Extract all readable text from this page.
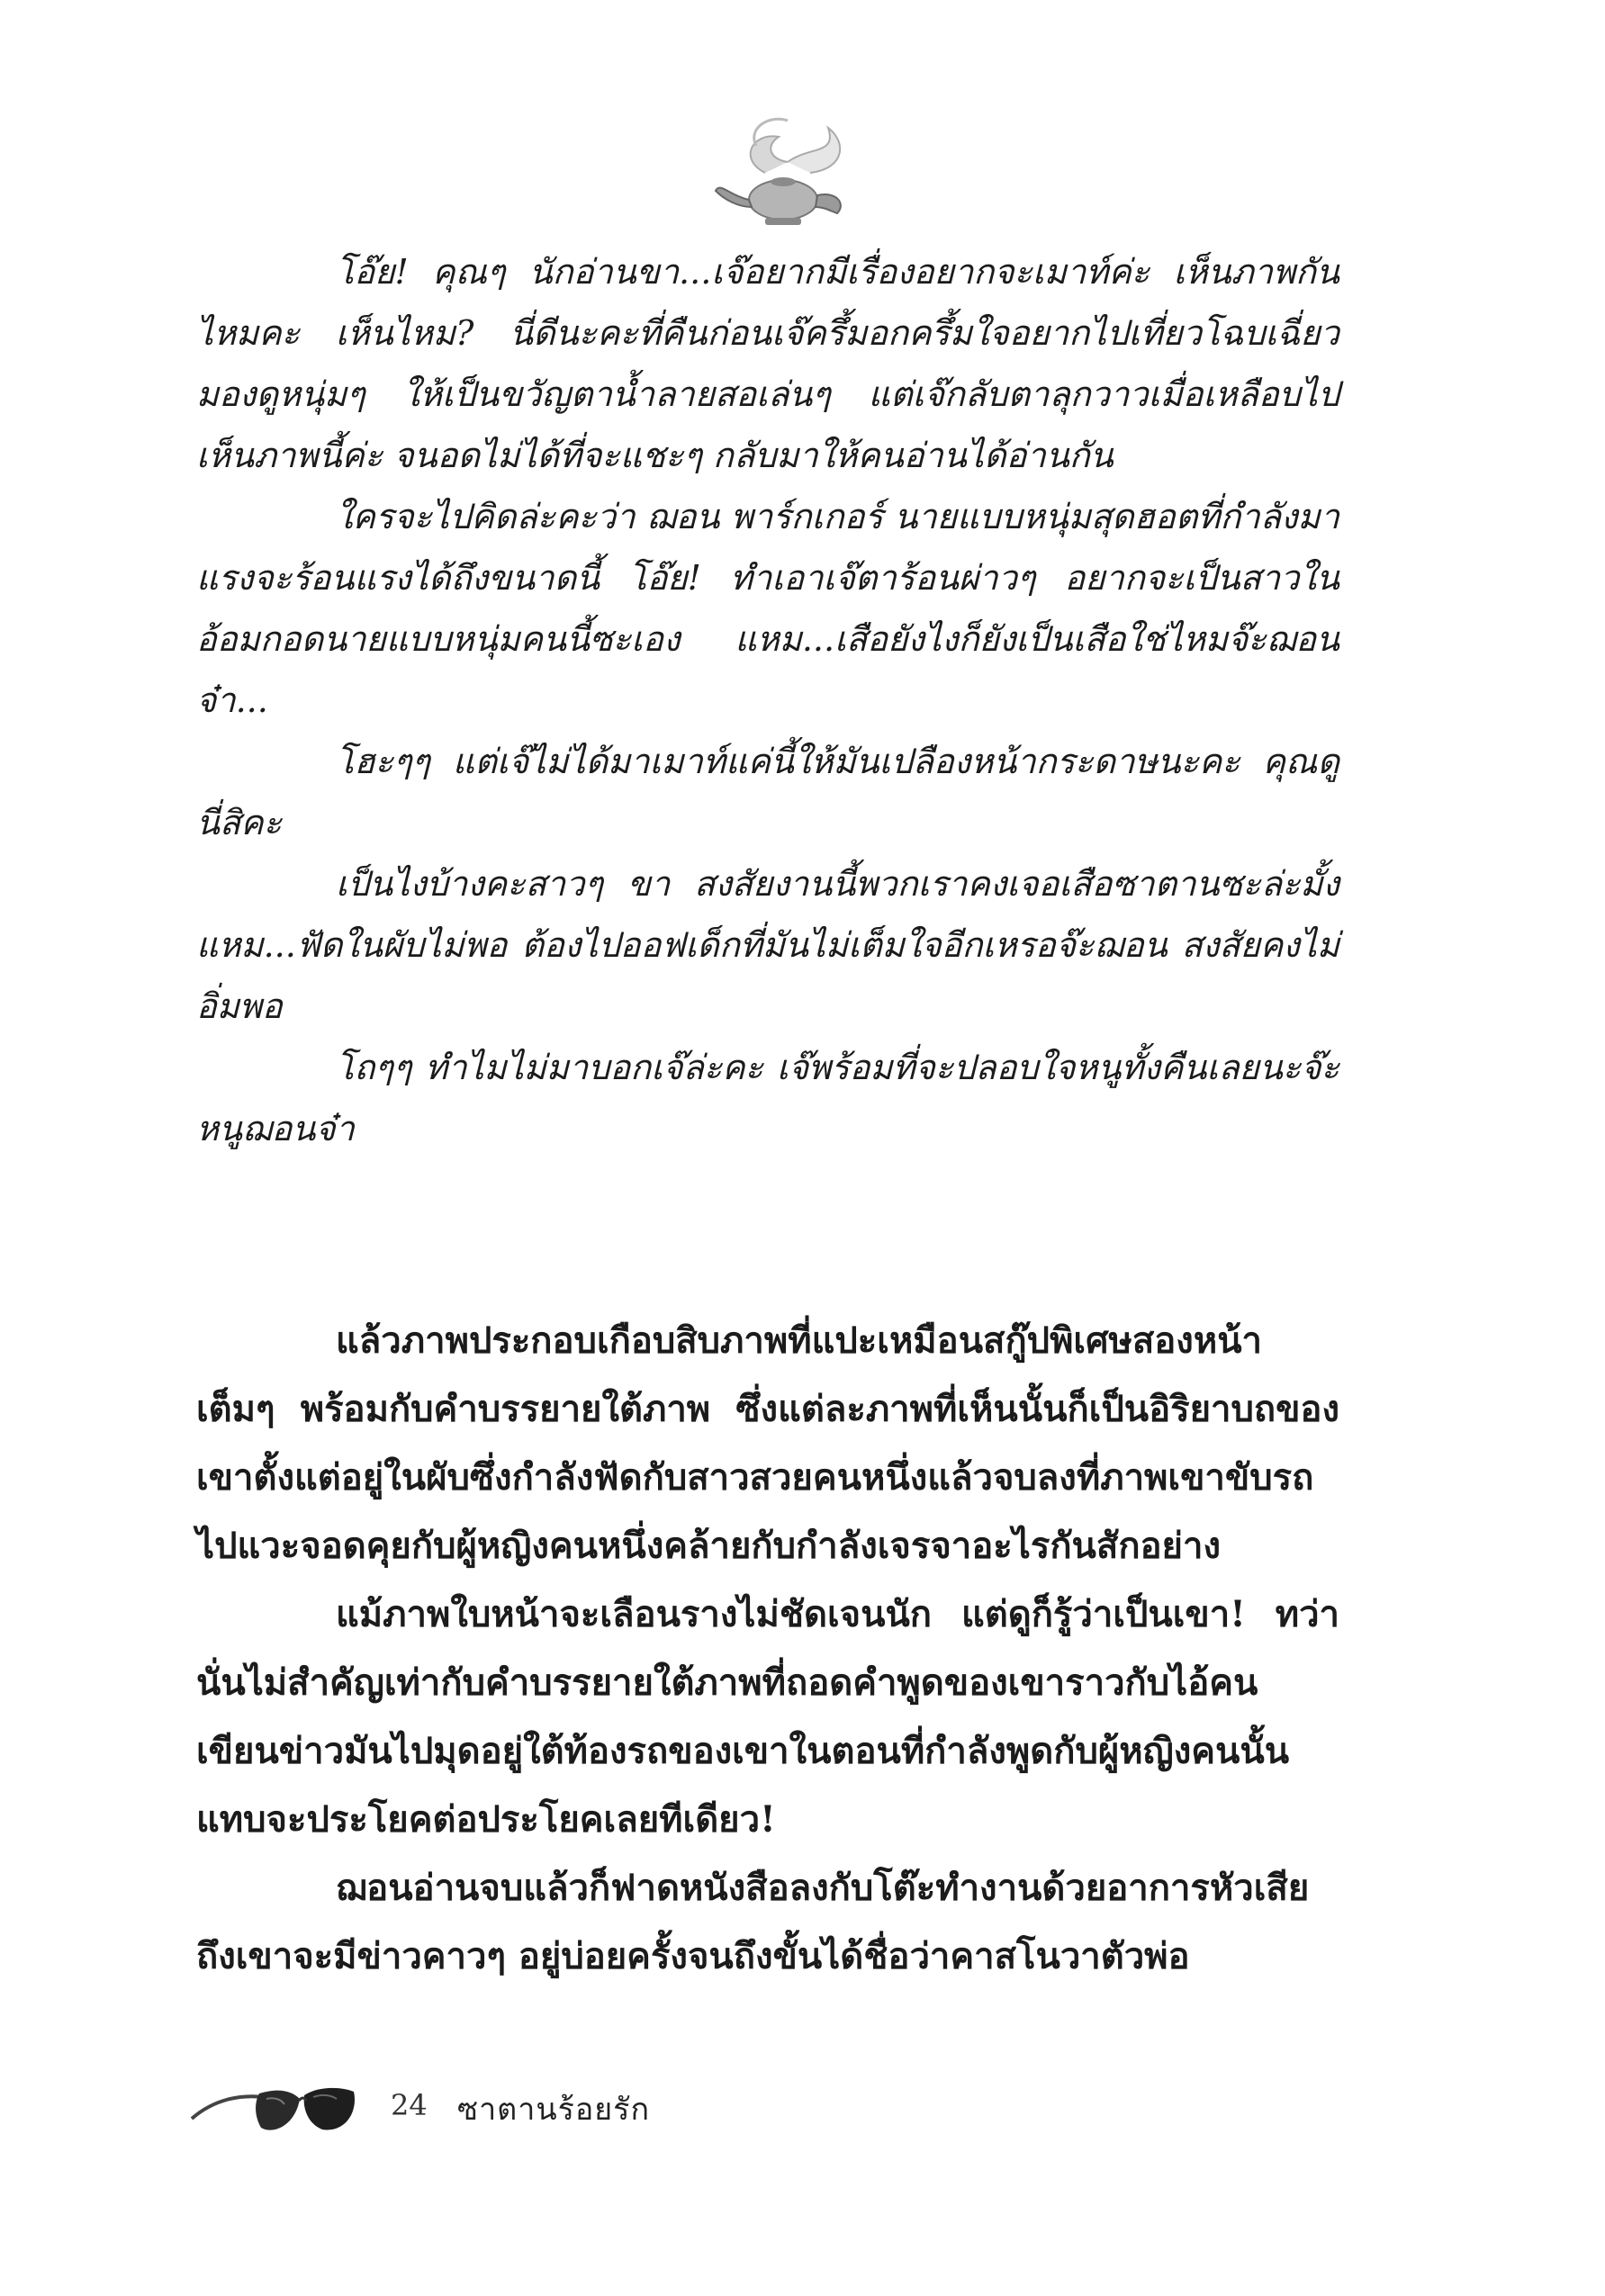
โอ๊ย! คุณๆ นักอ่านขา...เจ๊อยากมีเรื่องอยากจะเมาท์ค่ะ เห็นภาพกันไหมคะ เห็นไหม? นี่ดีนะคะที่คืนก่อนเจ๊ครึ้มอกครึ้มใจอยากไปเที่ยวโฉบเฉี่ยวมองดูหนุ่มๆ ให้เป็นขวัญตาน้ำลายสอเล่นๆ แต่เจ๊กลับตาลุกวาวเมื่อเหลือบไปเห็นภาพนี้ค่ะ จนอดไม่ได้ที่จะแชะๆ กลับมาให้คนอ่านได้อ่านกัน

ใครจะไปคิดล่ะคะว่า ฌอน พาร์กเกอร์ นายแบบหนุ่มสุดฮอตที่กำลังมาแรงจะร้อนแรงได้ถึงขนาดนี้ โอ๊ย! ทำเอาเจ๊ตาร้อนผ่าวๆ อยากจะเป็นสาวในอ้อมกอดนายแบบหนุ่มคนนี้ซะเอง แหม...เสือยังไงก็ยังเป็นเสือใช่ไหมจ๊ะฌอนจ๋า...

โฮะๆๆ แต่เจ๊ไม่ได้มาเมาท์แค่นี้ให้มันเปลืองหน้ากระดาษนะคะ คุณดูนี่สิคะ

เป็นไงบ้างคะสาวๆ ขา สงสัยงานนี้พวกเราคงเจอเสือซาตานซะล่ะมั้ง แหม...ฟัดในผับไม่พอ ต้องไปออฟเด็กที่มันไม่เต็มใจอีกเหรอจ๊ะฌอน สงสัยคงไม่อิ่มพอ

โถๆๆ ทำไมไม่มาบอกเจ๊ล่ะคะ เจ๊พร้อมที่จะปลอบใจหนูทั้งคืนเลยนะจ๊ะหนูฌอนจ๋า

แล้วภาพประกอบเกือบสิบภาพที่แปะเหมือนสกู๊ปพิเศษสองหน้าเต็มๆ พร้อมกับคำบรรยายใต้ภาพ ซึ่งแต่ละภาพที่เห็นนั้นก็เป็นอิริยาบถของเขาตั้งแต่อยู่ในผับซึ่งกำลังฟัดกับสาวสวยคนหนึ่งแล้วจบลงที่ภาพเขาขับรถไปแวะจอดคุยกับผู้หญิงคนหนึ่งคล้ายกับกำลังเจรจาอะไรกันสักอย่าง

แม้ภาพใบหน้าจะเลือนรางไม่ชัดเจนนัก แต่ดูก็รู้ว่าเป็นเขา! ทว่านั่นไม่สำคัญเท่ากับคำบรรยายใต้ภาพที่ถอดคำพูดของเขาราวกับไอ้คนเขียนข่าวมันไปมุดอยู่ใต้ท้องรถของเขาในตอนที่กำลังพูดกับผู้หญิงคนนั้นแทบจะประโยคต่อประโยคเลยทีเดียว!

ฌอนอ่านจบแล้วก็ฟาดหนังสือลงกับโต๊ะทำงานด้วยอาการหัวเสีย ถึงเขาจะมีข่าวคาวๆ อยู่บ่อยครั้งจนถึงขั้นได้ชื่อว่าคาสโนวาตัวพ่อ

24 ซาตานร้อยรัก
